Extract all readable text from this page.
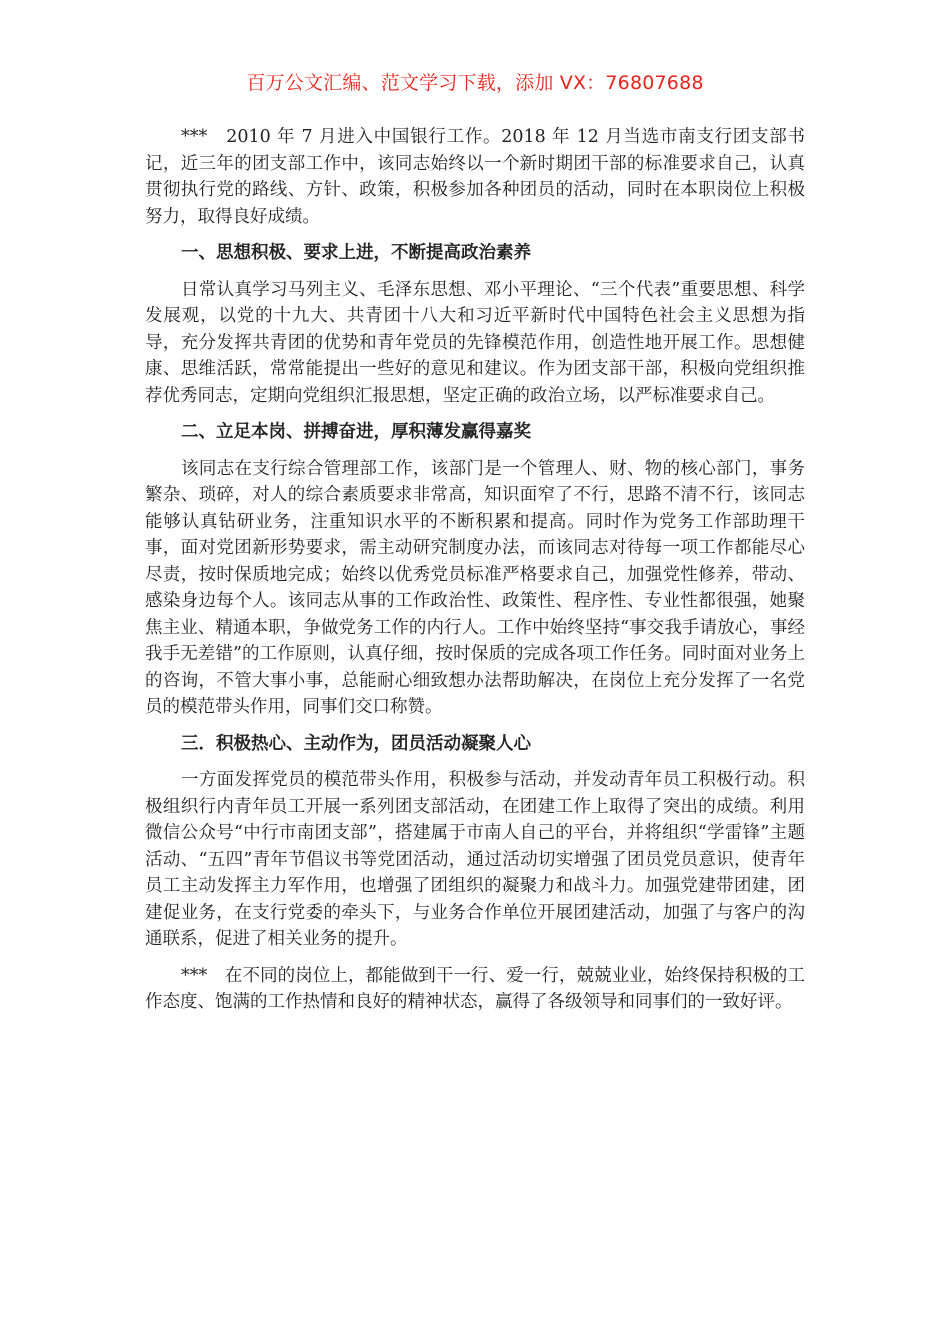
百万公文汇编、范文学习下载，添加 VX：76807688

***　2010 年 7 月进入中国银行工作。2018 年 12 月当选市南支行团支部书记，近三年的团支部工作中，该同志始终以一个新时期团干部的标准要求自己，认真贯彻执行党的路线、方针、政策，积极参加各种团员的活动，同时在本职岗位上积极努力，取得良好成绩。

一、思想积极、要求上进，不断提高政治素养

日常认真学习马列主义、毛泽东思想、邓小平理论、“三个代表”重要思想、科学发展观，以党的十九大、共青团十八大和习近平新时代中国特色社会主义思想为指导，充分发挥共青团的优势和青年党员的先锋模范作用，创造性地开展工作。思想健康、思维活跃，常常能提出一些好的意见和建议。作为团支部干部，积极向党组织推荐优秀同志，定期向党组织汇报思想，坚定正确的政治立场，以严标准要求自己。

二、立足本岗、拼搏奋进，厚积薄发赢得嘉奖

该同志在支行综合管理部工作，该部门是一个管理人、财、物的核心部门，事务繁杂、琐碎，对人的综合素质要求非常高，知识面窄了不行，思路不清不行，该同志能够认真钻研业务，注重知识水平的不断积累和提高。同时作为党务工作部助理干事，面对党团新形势要求，需主动研究制度办法，而该同志对待每一项工作都能尽心尽责，按时保质地完成；始终以优秀党员标准严格要求自己，加强党性修养，带动、感染身边每个人。该同志从事的工作政治性、政策性、程序性、专业性都很强，她聚焦主业、精通本职，争做党务工作的内行人。工作中始终坚持“事交我手请放心，事经我手无差错”的工作原则，认真仔细，按时保质的完成各项工作任务。同时面对业务上的咨询，不管大事小事，总能耐心细致想办法帮助解决，在岗位上充分发挥了一名党员的模范带头作用，同事们交口称赞。

三．积极热心、主动作为，团员活动凝聚人心

一方面发挥党员的模范带头作用，积极参与活动，并发动青年员工积极行动。积极组织行内青年员工开展一系列团支部活动，在团建工作上取得了突出的成绩。利用微信公众号“中行市南团支部”，搭建属于市南人自己的平台，并将组织“学雷锋”主题活动、“五四”青年节倡议书等党团活动，通过活动切实增强了团员党员意识，使青年员工主动发挥主力军作用，也增强了团组织的凝聚力和战斗力。加强党建带团建，团建促业务，在支行党委的牵头下，与业务合作单位开展团建活动，加强了与客户的沟通联系，促进了相关业务的提升。

***　在不同的岗位上，都能做到干一行、爱一行，兢兢业业，始终保持积极的工作态度、饱满的工作热情和良好的精神状态，赢得了各级领导和同事们的一致好评。
